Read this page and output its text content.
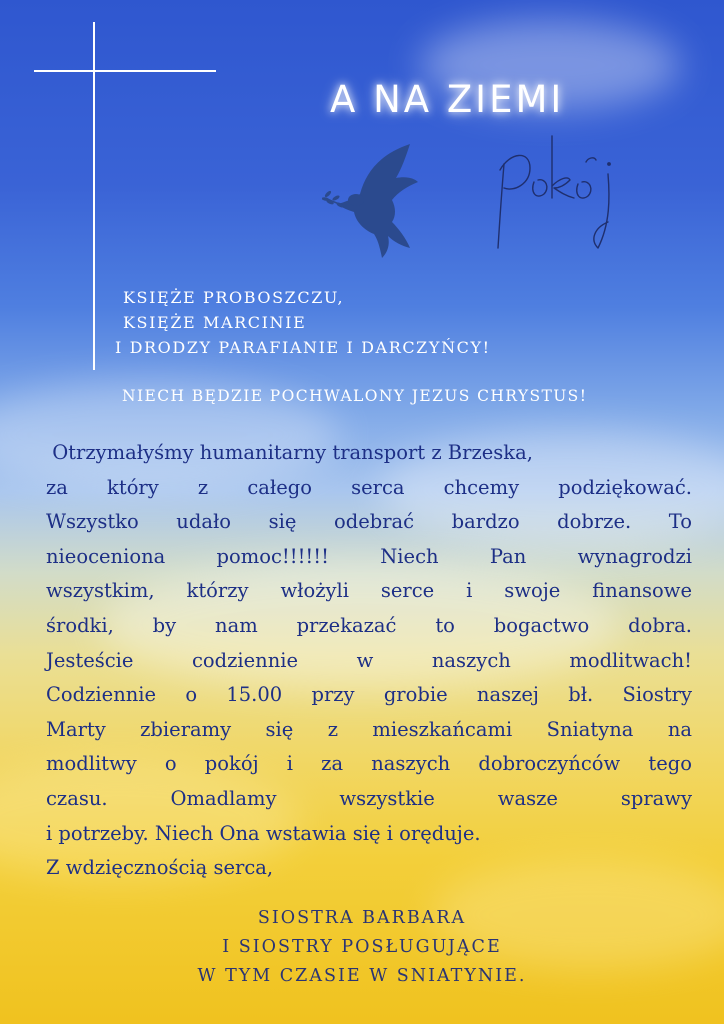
A NA ZIEMI
KSIĘŻE PROBOSZCZU,
KSIĘŻE MARCINIE
I DRODZY PARAFIANIE I DARCZYŃCY!
NIECH BĘDZIE POCHWALONY JEZUS CHRYSTUS!
Otrzymałyśmy humanitarny transport z Brzeska,
za który z całego serca chcemy podziękować.
Wszystko udało się odebrać bardzo dobrze. To
nieoceniona pomoc!!!!!! Niech Pan wynagrodzi
wszystkim, którzy włożyli serce i swoje finansowe
środki, by nam przekazać to bogactwo dobra.
Jesteście codziennie w naszych modlitwach!
Codziennie o 15.00 przy grobie naszej bł. Siostry
Marty zbieramy się z mieszkańcami Sniatyna na
modlitwy o pokój i za naszych dobroczyńców tego
czasu. Omadlamy wszystkie wasze sprawy
i potrzeby. Niech Ona wstawia się i oręduje.
Z wdzięcznością serca,
SIOSTRA BARBARA
I SIOSTRY POSŁUGUJĄCE
W TYM CZASIE W SNIATYNIE.
